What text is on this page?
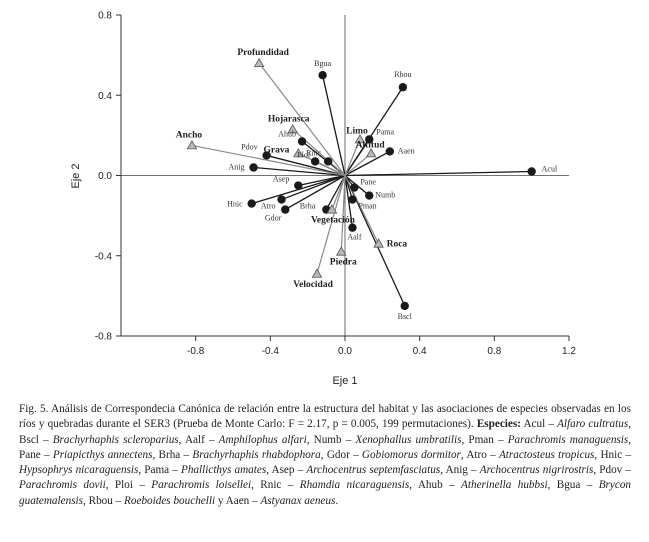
-0.8	-0.4	0.0	0.4	0.8	1.2
-0.8
-0.4
0.0
0.4
0.8
Acul
Bscl
Aalf
Numb
Pman
Pane
Brha
Gdor
Atro
Hnic
Pama
Asep
Anig
Pdov
Ploi
Rnic
Ahub
Bgua
Rbou
Aaen
Profundidad
Hojarasca
Ancho
Grava
Limo
Altitud
Vegetación
Roca
Piedra
Velocidad
Eje 1
Eje 2
Fig. 5. Análisis de Correspondecia Canónica de relación entre la estructura del habitat y las asociaciones de especies observadas en los ríos y quebradas durante el SER3 (Prueba de Monte Carlo: F = 2.17, p = 0.005, 199 permutaciones). Especies: Acul – Alfaro cultratus, Bscl – Brachyrhaphis scleroparius, Aalf – Amphilophus alfari, Numb – Xenophallus umbratilis, Pman – Parachromis managuensis, Pane – Priapicthys annectens, Brha – Brachyrhaphis rhabdophora, Gdor – Gobiomorus dormitor, Atro – Atractosteus tropicus, Hnic – Hypsophrys nicaraguensis, Pama – Phallicthys amates, Asep – Archocentrus septemfasciatus, Anig – Archocentrus nigrirostris, Pdov – Parachromis dovii, Ploi – Parachromis loisellei, Rnic – Rhamdia nicaraguensis, Ahub – Atherinella hubbsi, Bgua – Brycon guatemalensis, Rbou – Roeboides bouchelli y Aaen – Astyanax aeneus.
